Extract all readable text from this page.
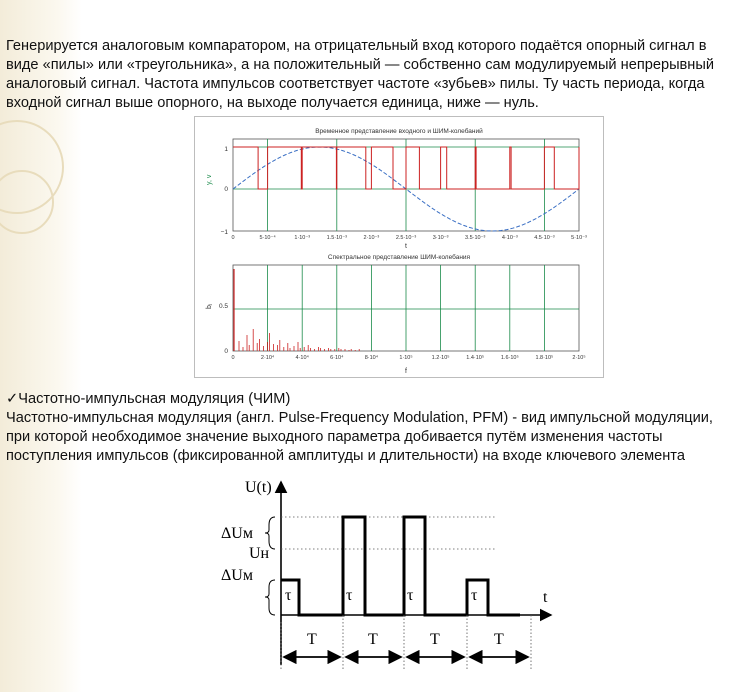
Генерируется аналоговым компаратором, на отрицательный вход которого подаётся опорный сигнал в виде «пилы» или «треугольника», а на положительный — собственно сам модулируемый непрерывный аналоговый сигнал. Частота импульсов соответствует частоте «зубьев» пилы. Ту часть периода, когда входной сигнал выше опорного, на выходе получается единица, ниже — нуль.
Временное представление входного и ШИМ-колебаний
1
0
−1
y, v
0	5·10⁻⁴	1·10⁻³	1.5·10⁻³	2·10⁻³	2.5·10⁻³	3·10⁻³	3.5·10⁻³	4·10⁻³	4.5·10⁻³	5·10⁻³
t
Спектральное представление ШИМ-колебания
0.5
0
bⱼ
0	2·10⁴	4·10⁴	6·10⁴	8·10⁴	1·10⁵	1.2·10⁵	1.4·10⁵	1.6·10⁵	1.8·10⁵	2·10⁵
f
✓Частотно-импульсная модуляция (ЧИМ)
Частотно-импульсная модуляция (англ. Pulse-Frequency Modulation, PFM) - вид импульсной модуляции, при которой необходимое значение выходного параметра добивается путём изменения частоты поступления импульсов (фиксированной амплитуды и длительности) на входе ключевого элемента
U(t)
t
ΔUм
Uн
ΔUм
τ	τ	τ	τ
T	T	T	T
